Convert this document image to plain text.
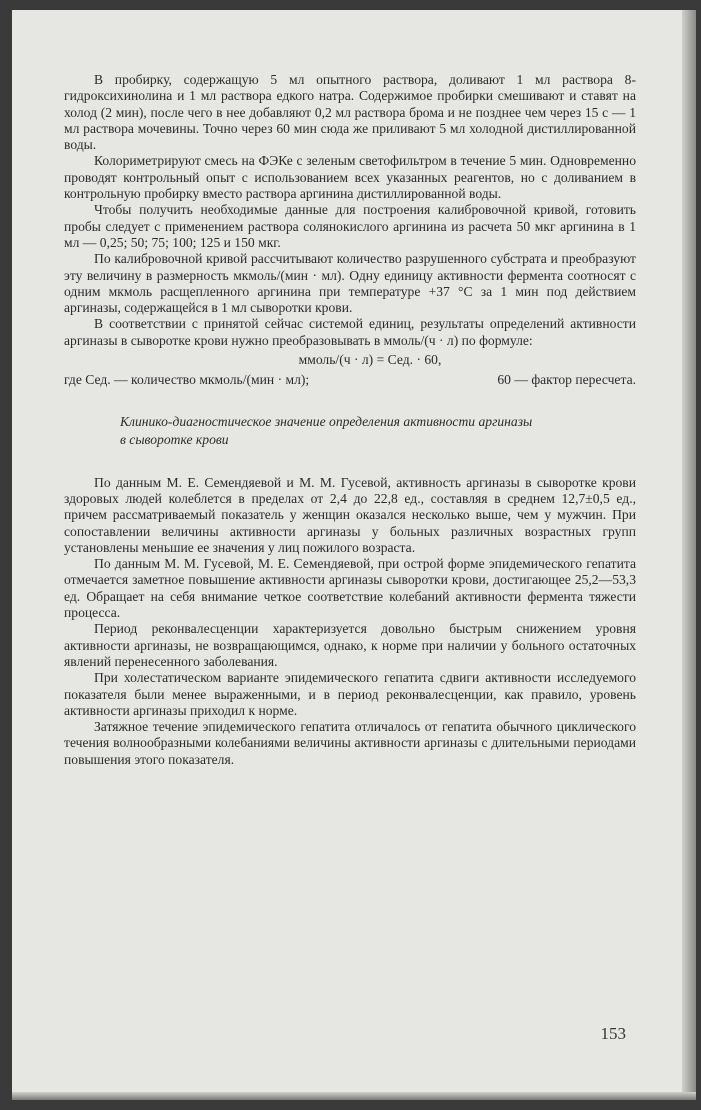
В пробирку, содержащую 5 мл опытного раствора, доливают 1 мл раствора 8-гидроксихинолина и 1 мл раствора едкого натра. Содержимое пробирки смешивают и ставят на холод (2 мин), после чего в нее добавляют 0,2 мл раствора брома и не позднее чем через 15 с — 1 мл раствора мочевины. Точно через 60 мин сюда же приливают 5 мл холодной дистиллированной воды.

Колориметрируют смесь на ФЭКе с зеленым светофильтром в течение 5 мин. Одновременно проводят контрольный опыт с использованием всех указанных реагентов, но с доливанием в контрольную пробирку вместо раствора аргинина дистиллированной воды.

Чтобы получить необходимые данные для построения калибровочной кривой, готовить пробы следует с применением раствора солянокислого аргинина из расчета 50 мкг аргинина в 1 мл — 0,25; 50; 75; 100; 125 и 150 мкг.

По калибровочной кривой рассчитывают количество разрушенного субстрата и преобразуют эту величину в размерность мкмоль/(мин · мл). Одну единицу активности фермента соотносят с одним мкмоль расщепленного аргинина при температуре +37 °С за 1 мин под действием аргиназы, содержащейся в 1 мл сыворотки крови.

В соответствии с принятой сейчас системой единиц, результаты определений активности аргиназы в сыворотке крови нужно преобразовывать в ммоль/(ч · л) по формуле:

ммоль/(ч · л) = Сед. · 60,
где Сед. — количество мкмоль/(мин · мл);	60 — фактор пересчета.
Клинико-диагностическое значение определения активности аргиназы в сыворотке крови

По данным М. Е. Семендяевой и М. М. Гусевой, активность аргиназы в сыворотке крови здоровых людей колеблется в пределах от 2,4 до 22,8 ед., составляя в среднем 12,7±0,5 ед., причем рассматриваемый показатель у женщин оказался несколько выше, чем у мужчин. При сопоставлении величины активности аргиназы у больных различных возрастных групп установлены меньшие ее значения у лиц пожилого возраста.

По данным М. М. Гусевой, М. Е. Семендяевой, при острой форме эпидемического гепатита отмечается заметное повышение активности аргиназы сыворотки крови, достигающее 25,2—53,3 ед. Обращает на себя внимание четкое соответствие колебаний активности фермента тяжести процесса.

Период реконвалесценции характеризуется довольно быстрым снижением уровня активности аргиназы, не возвращающимся, однако, к норме при наличии у больного остаточных явлений перенесенного заболевания.

При холестатическом варианте эпидемического гепатита сдвиги активности исследуемого показателя были менее выраженными, и в период реконвалесценции, как правило, уровень активности аргиназы приходил к норме.

Затяжное течение эпидемического гепатита отличалось от гепатита обычного циклического течения волнообразными колебаниями величины активности аргиназы с длительными периодами повышения этого показателя.

153
